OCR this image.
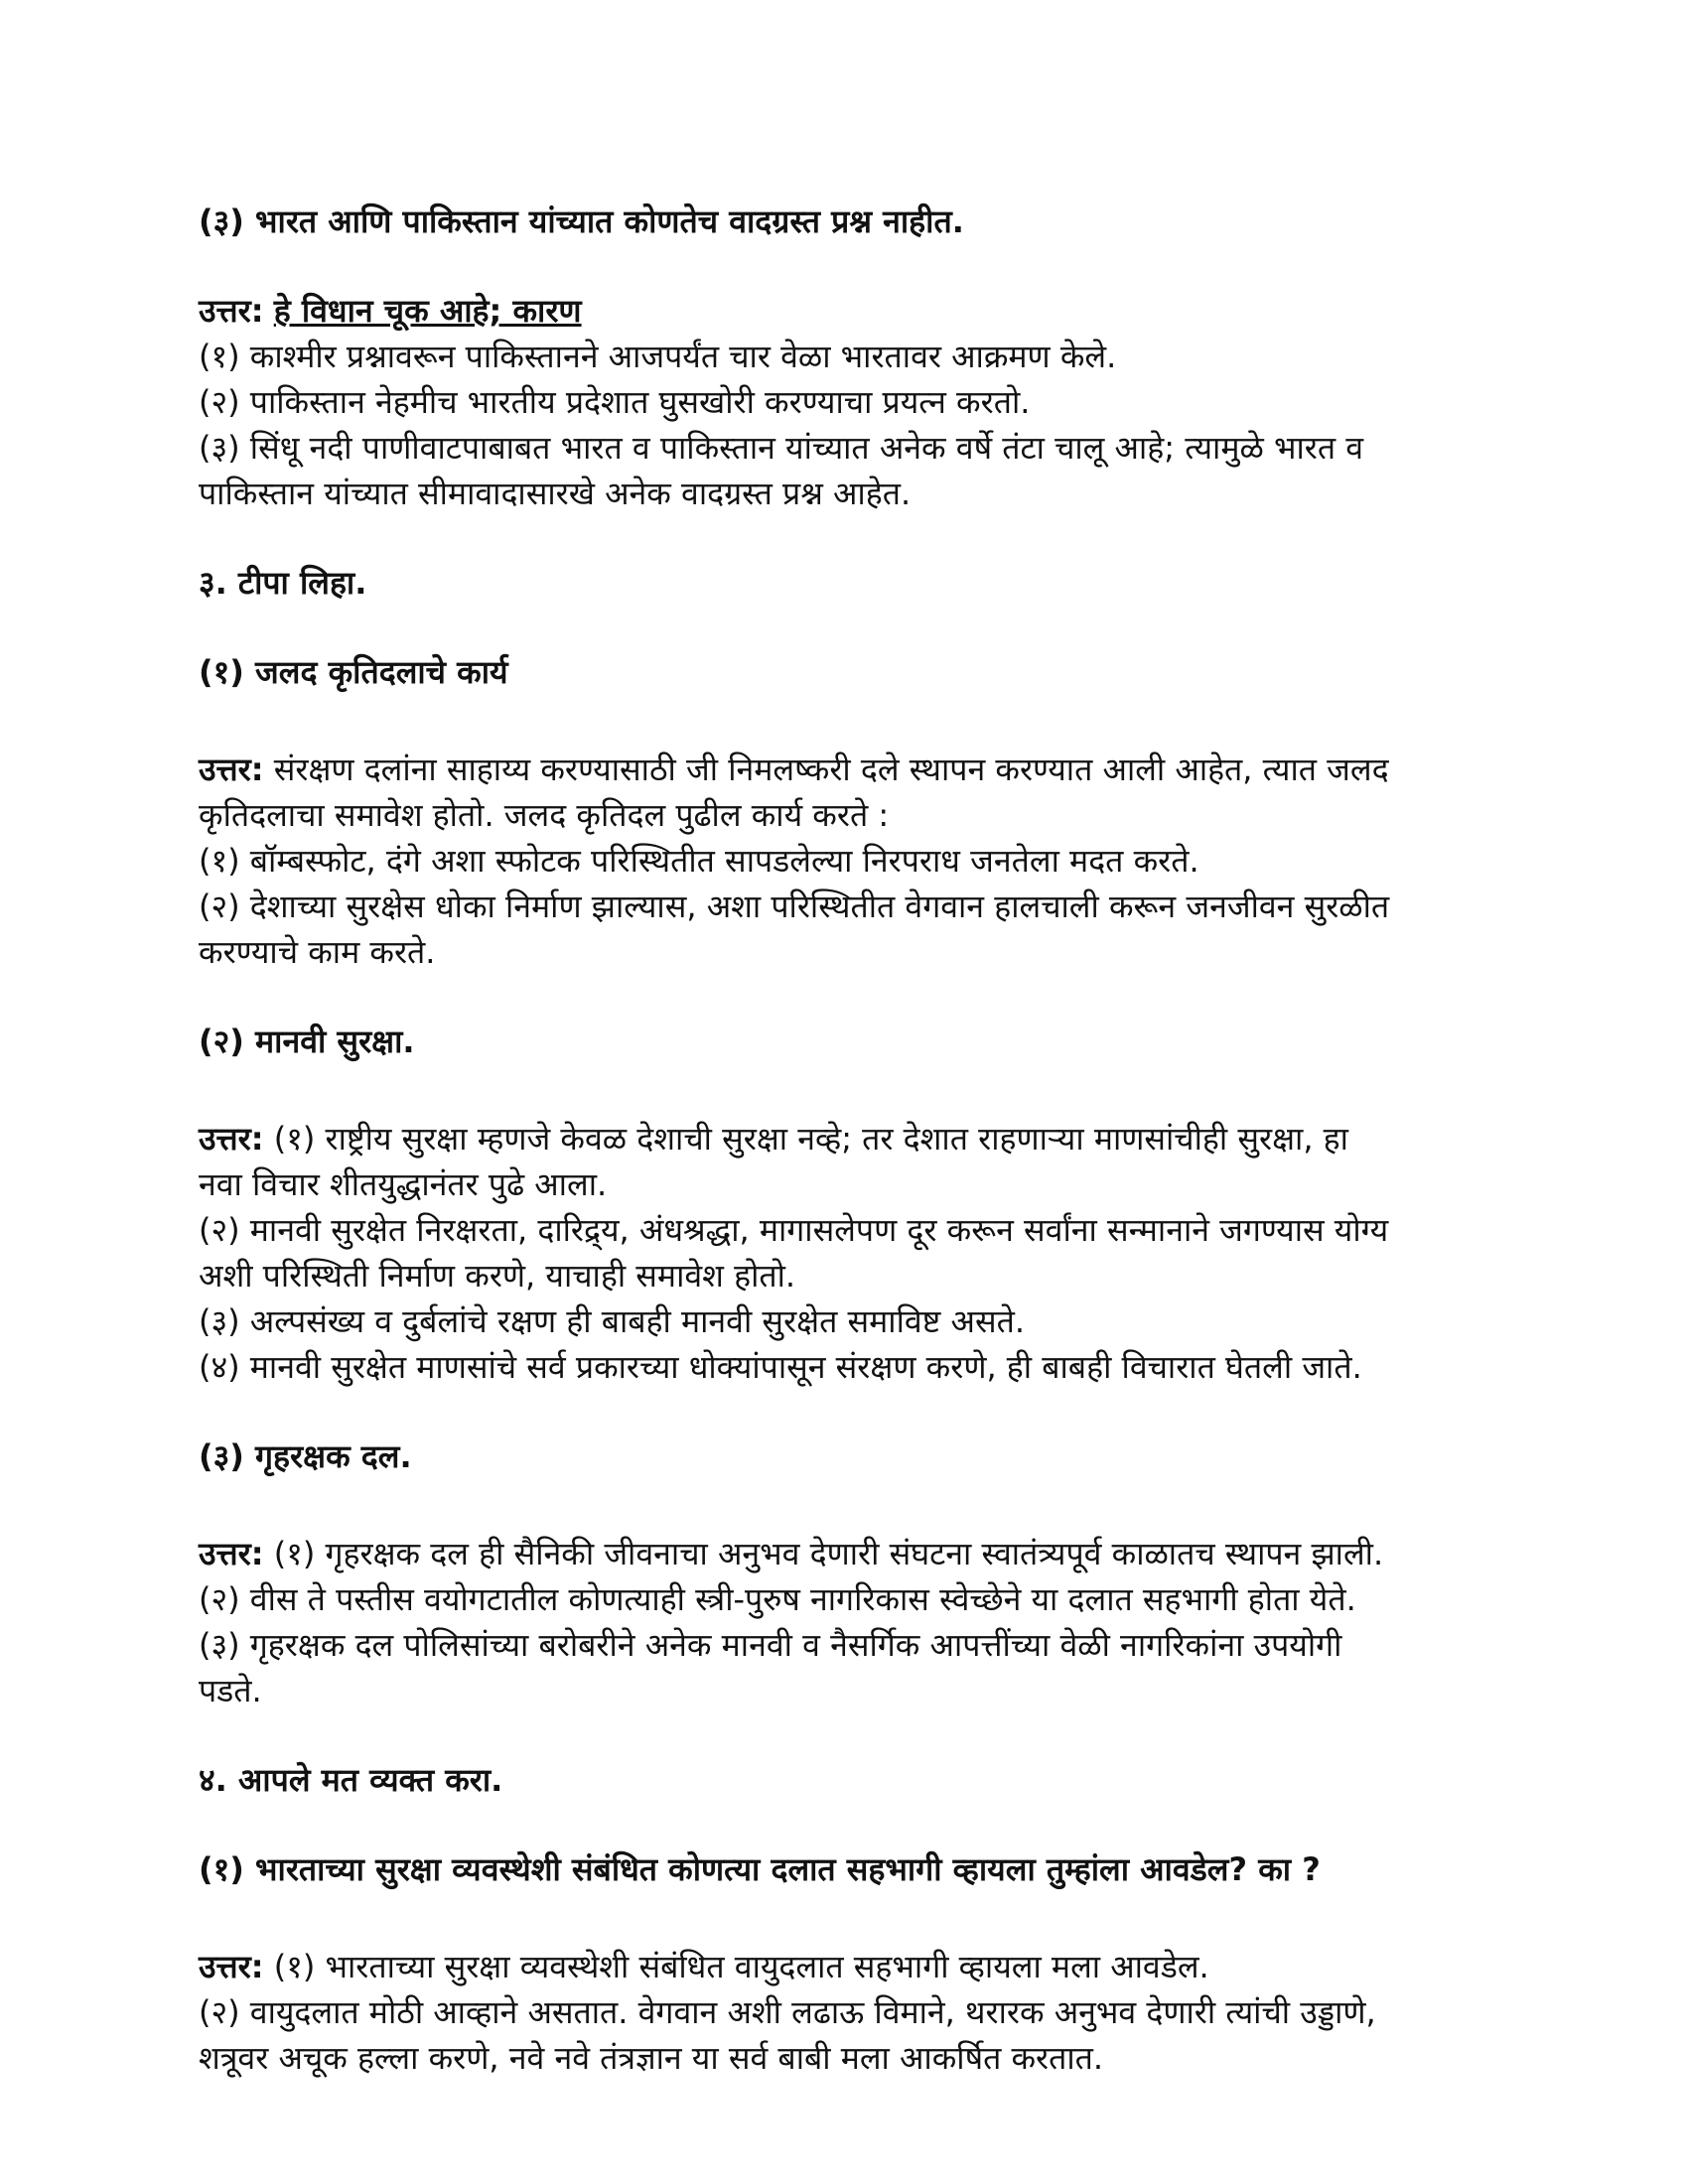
(३) भारत आणि पाकिस्तान यांच्यात कोणतेच वादग्रस्त प्रश्न नाहीत.

उत्तर: हे विधान चूक आहे; कारण

(१) काश्मीर प्रश्नावरून पाकिस्तानने आजपर्यंत चार वेळा भारतावर आक्रमण केले.

(२) पाकिस्तान नेहमीच भारतीय प्रदेशात घुसखोरी करण्याचा प्रयत्न करतो.

(३) सिंधू नदी पाणीवाटपाबाबत भारत व पाकिस्तान यांच्यात अनेक वर्षे तंटा चालू आहे; त्यामुळे भारत व

पाकिस्तान यांच्यात सीमावादासारखे अनेक वादग्रस्त प्रश्न आहेत.

३. टीपा लिहा.

(१) जलद कृतिदलाचे कार्य

उत्तर: संरक्षण दलांना साहाय्य करण्यासाठी जी निमलष्करी दले स्थापन करण्यात आली आहेत, त्यात जलद

कृतिदलाचा समावेश होतो. जलद कृतिदल पुढील कार्य करते :

(१) बॉम्बस्फोट, दंगे अशा स्फोटक परिस्थितीत सापडलेल्या निरपराध जनतेला मदत करते.

(२) देशाच्या सुरक्षेस धोका निर्माण झाल्यास, अशा परिस्थितीत वेगवान हालचाली करून जनजीवन सुरळीत

करण्याचे काम करते.

(२) मानवी सुरक्षा.

उत्तर: (१) राष्ट्रीय सुरक्षा म्हणजे केवळ देशाची सुरक्षा नव्हे; तर देशात राहणाऱ्या माणसांचीही सुरक्षा, हा

नवा विचार शीतयुद्धानंतर पुढे आला.

(२) मानवी सुरक्षेत निरक्षरता, दारिद्र्य, अंधश्रद्धा, मागासलेपण दूर करून सर्वांना सन्मानाने जगण्यास योग्य

अशी परिस्थिती निर्माण करणे, याचाही समावेश होतो.

(३) अल्पसंख्य व दुर्बलांचे रक्षण ही बाबही मानवी सुरक्षेत समाविष्ट असते.

(४) मानवी सुरक्षेत माणसांचे सर्व प्रकारच्या धोक्यांपासून संरक्षण करणे, ही बाबही विचारात घेतली जाते.

(३) गृहरक्षक दल.

उत्तर: (१) गृहरक्षक दल ही सैनिकी जीवनाचा अनुभव देणारी संघटना स्वातंत्र्यपूर्व काळातच स्थापन झाली.

(२) वीस ते पस्तीस वयोगटातील कोणत्याही स्त्री-पुरुष नागरिकास स्वेच्छेने या दलात सहभागी होता येते.

(३) गृहरक्षक दल पोलिसांच्या बरोबरीने अनेक मानवी व नैसर्गिक आपत्तींच्या वेळी नागरिकांना उपयोगी

पडते.

४. आपले मत व्यक्त करा.

(१) भारताच्या सुरक्षा व्यवस्थेशी संबंधित कोणत्या दलात सहभागी व्हायला तुम्हांला आवडेल? का ?

उत्तर: (१) भारताच्या सुरक्षा व्यवस्थेशी संबंधित वायुदलात सहभागी व्हायला मला आवडेल.

(२) वायुदलात मोठी आव्हाने असतात. वेगवान अशी लढाऊ विमाने, थरारक अनुभव देणारी त्यांची उड्डाणे,

शत्रूवर अचूक हल्ला करणे, नवे नवे तंत्रज्ञान या सर्व बाबी मला आकर्षित करतात.
